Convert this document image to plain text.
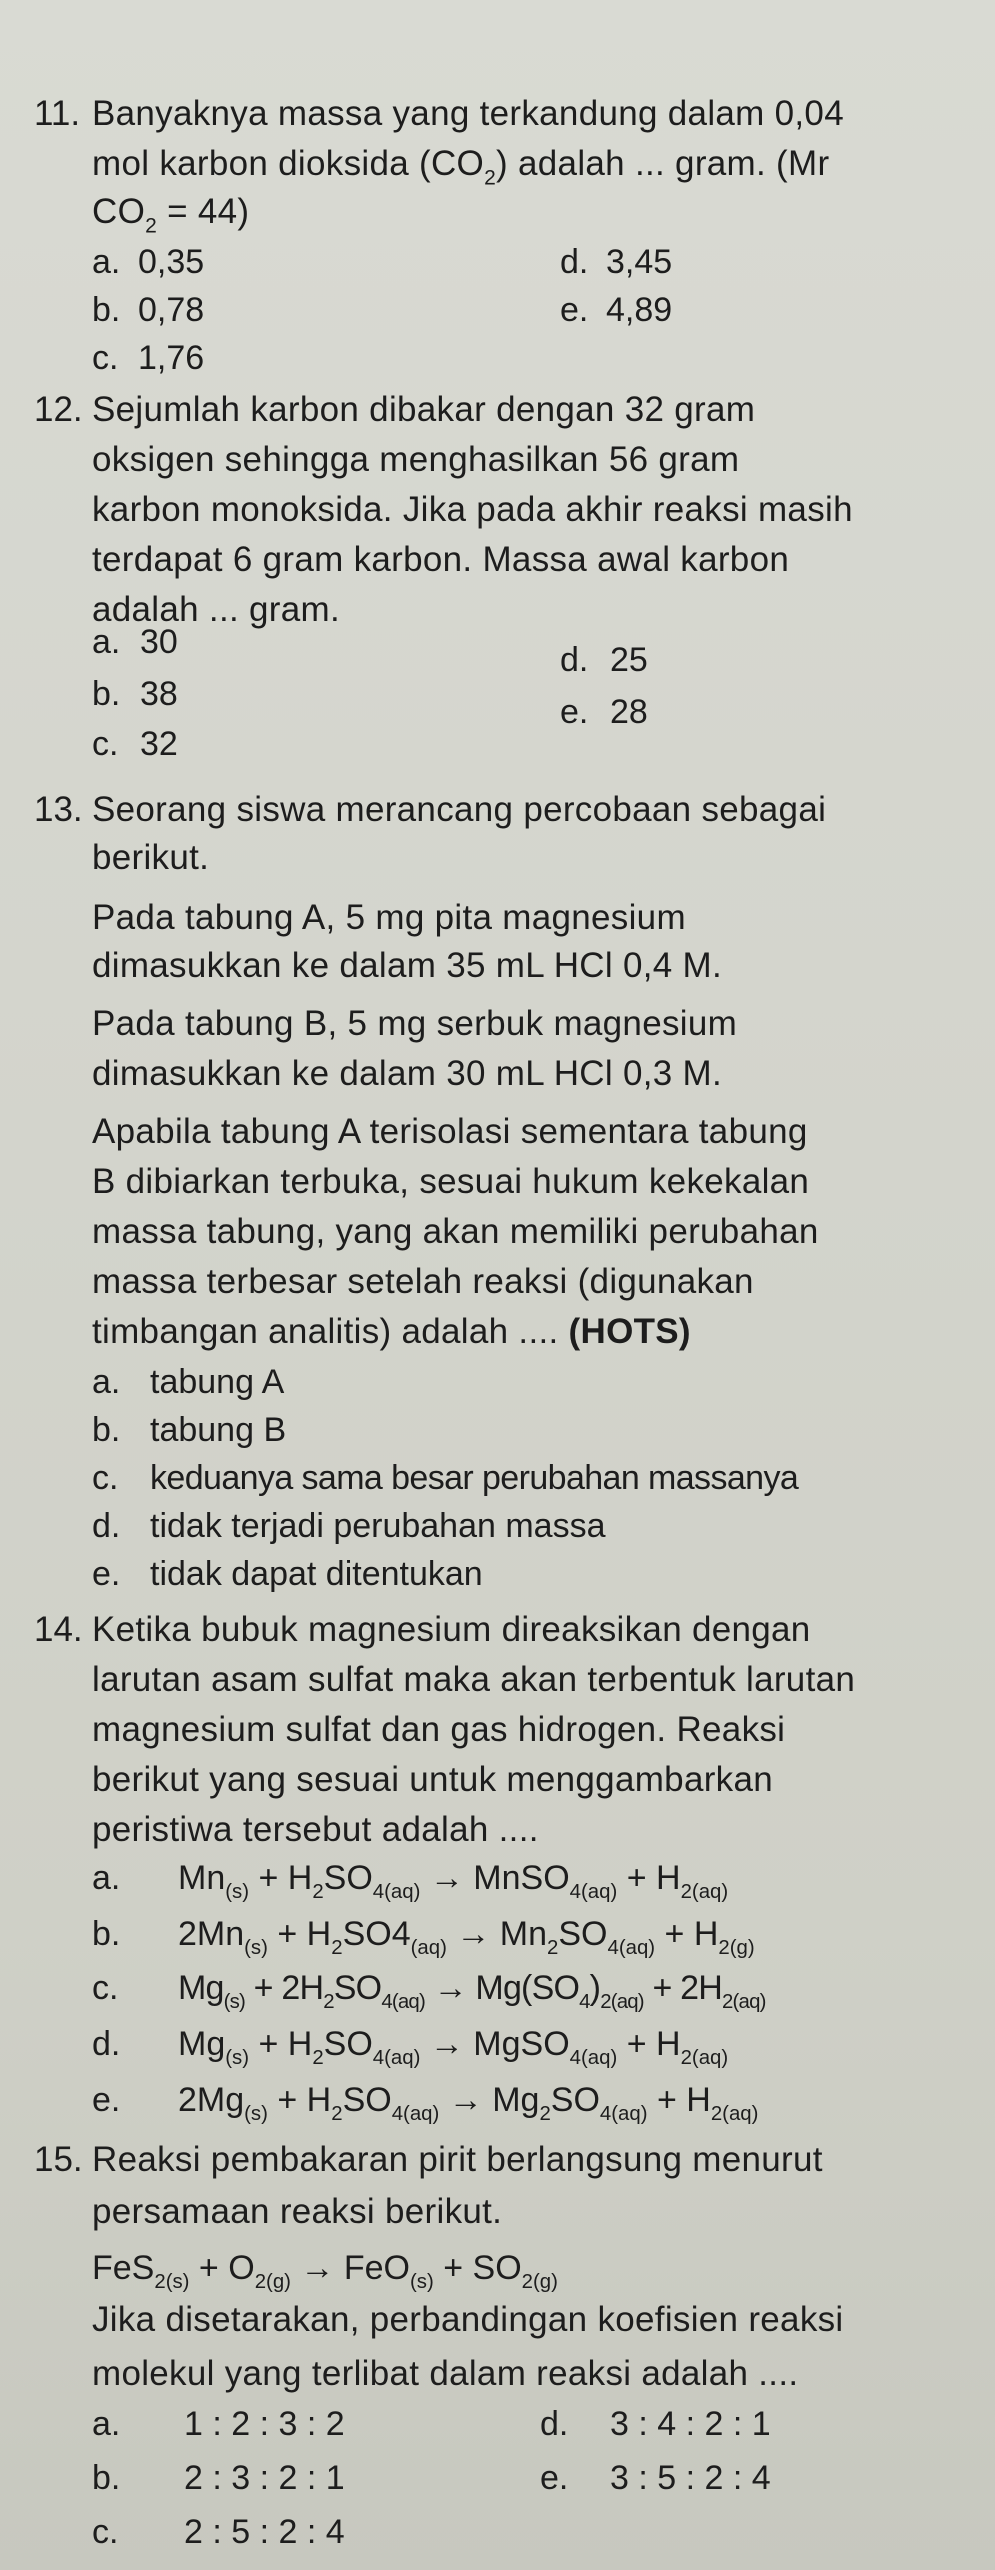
11. Banyaknya massa yang terkandung dalam 0,04
mol karbon dioksida $(CO_2)$ adalah ... gram. (Mr
$CO_2 = 44$)
a. 0,35
b. 0,78
c. 1,76
d. 3,45
e. 4,89
12. Sejumlah karbon dibakar dengan 32 gram
oksigen sehingga menghasilkan 56 gram
karbon monoksida. Jika pada akhir reaksi masih
terdapat 6 gram karbon. Massa awal karbon
adalah ... gram.
a. 30
b. 38
c. 32
d. 25
e. 28
13. Seorang siswa merancang percobaan sebagai
berikut.
Pada tabung A, 5 mg pita magnesium
dimasukkan ke dalam 35 mL HCl 0,4 M.
Pada tabung B, 5 mg serbuk magnesium
dimasukkan ke dalam 30 mL HCl 0,3 M.
Apabila tabung A terisolasi sementara tabung
B dibiarkan terbuka, sesuai hukum kekekalan
massa tabung, yang akan memiliki perubahan
massa terbesar setelah reaksi (digunakan
timbangan analitis) adalah .... (HOTS)
a. tabung A
b. tabung B
c. keduanya sama besar perubahan massanya
d. tidak terjadi perubahan massa
e. tidak dapat ditentukan
14. Ketika bubuk magnesium direaksikan dengan
larutan asam sulfat maka akan terbentuk larutan
magnesium sulfat dan gas hidrogen. Reaksi
berikut yang sesuai untuk menggambarkan
peristiwa tersebut adalah ....
a. $Mn_{(s)} + H_2SO_{4(aq)}$ → MnSO$_{4(aq)}$ + $H_{2(aq)}$
b. $2Mn_{(s)} + H_2SO4_{(aq)} \to Mn_2SO_{4(aq)} + H_{2(g)}$
c. $Mg_{(s)} + 2H_2SO_{4(aq)} \to Mg(SO_4)_{2(aq)} + 2H_{2(aq)}$
d. $Mg_{(s)} + H_2SO_{4(aq)}$ → MgSO$_{4(aq)}$ + $H_{2(aq)}$
e. $2Mg_{(s)} + H_2SO_{4(aq)} \to Mg_2SO_{4(aq)} + H_{2(aq)}$
15. Reaksi pembakaran pirit berlangsung menurut
persamaan reaksi berikut.
$FeS_{2(s)} + O_{2(g)} \to FeO_{(s)} + SO_{2(g)}$
Jika disetarakan, perbandingan koefisien reaksi
molekul yang terlibat dalam reaksi adalah ....
a. 1 : 2 : 3 : 2
b. 2 : 3 : 2 : 1
c. 2 : 5 : 2 : 4
d. 3 : 4 : 2 : 1
e. 3 : 5 : 2 : 4
